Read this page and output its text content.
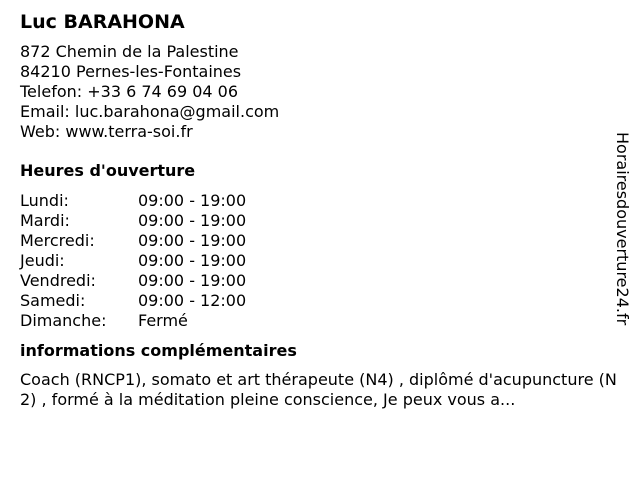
Luc BARAHONA
872 Chemin de la Palestine
84210 Pernes-les-Fontaines
Telefon: +33 6 74 69 04 06
Email: luc.barahona@gmail.com
Web: www.terra-soi.fr
Heures d'ouverture
Lundi:	09:00 - 19:00
Mardi:	09:00 - 19:00
Mercredi:	09:00 - 19:00
Jeudi:	09:00 - 19:00
Vendredi:	09:00 - 19:00
Samedi:	09:00 - 12:00
Dimanche:	Fermé
informations complémentaires

Coach (RNCP1), somato et art thérapeute (N4) , diplômé d'acupuncture (N2) , formé à la méditation pleine conscience, Je peux vous a...

Horairesdouverture24.fr
